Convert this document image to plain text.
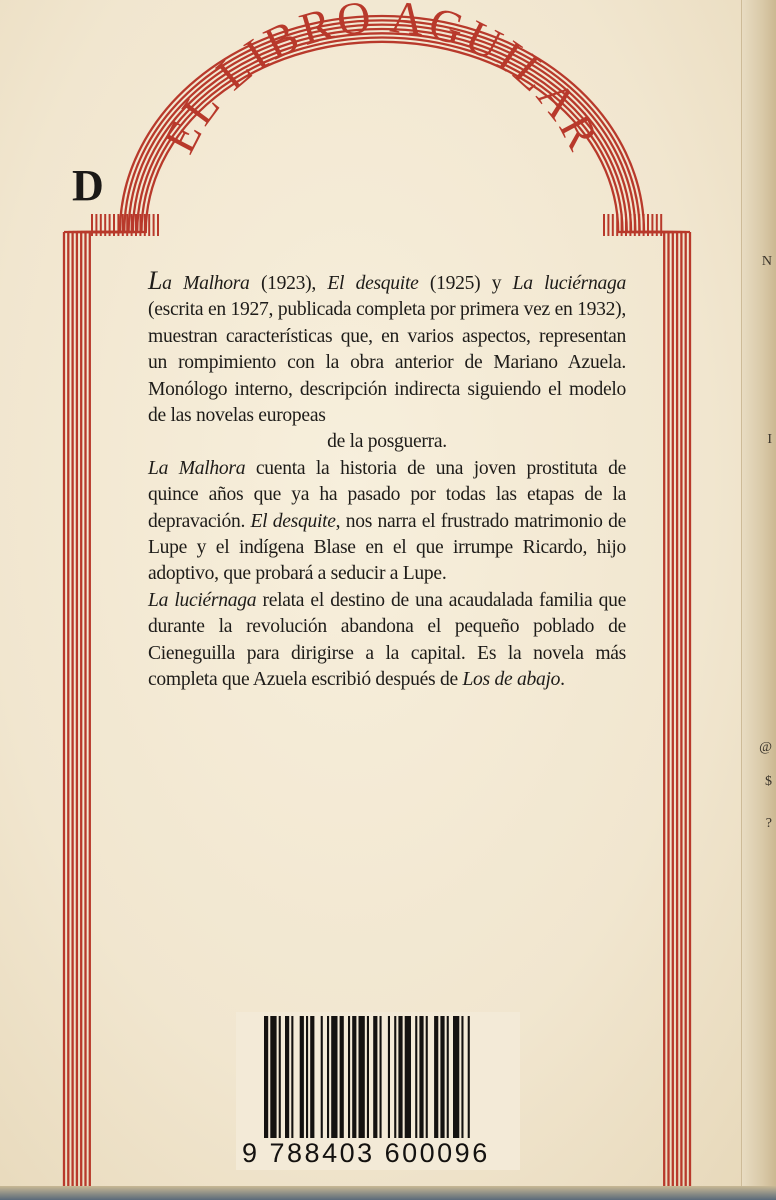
EL LIBRO AGUILAR
D

La Malhora (1923), El desquite (1925) y La luciérnaga (escrita en 1927, publicada completa por primera vez en 1932), muestran características que, en varios aspectos, representan un rompimiento con la obra anterior de Mariano Azuela. Monólogo interno, descripción indirecta siguiendo el modelo de las novelas europeas

de la posguerra.

La Malhora cuenta la historia de una joven prostituta de quince años que ya ha pasado por todas las etapas de la depravación. El desquite, nos narra el frustrado matrimonio de Lupe y el indígena Blase en el que irrumpe Ricardo, hijo adoptivo, que probará a seducir a Lupe.

La luciérnaga relata el destino de una acaudalada familia que durante la revolución abandona el pequeño poblado de Cieneguilla para dirigirse a la capital. Es la novela más completa que Azuela escribió después de Los de abajo.

9 788403 600096
N
I
@
$
?
